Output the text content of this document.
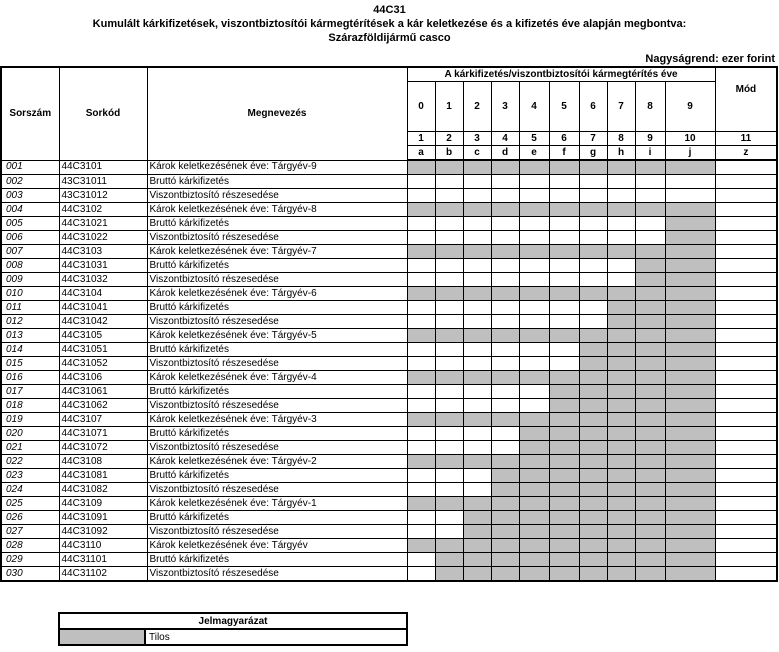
44C31
Kumulált kárkifizetések, viszontbiztosítói kármegtérítések a kár keletkezése és a kifizetés éve alapján megbontva:
Szárazföldijármű casco
Nagyságrend: ezer forint
Sorszám	Sorkód	Megnevezés	A kárkifizetés/viszontbiztosítói kármegtérítés éve										Mód
			0	1	2	3	4	5	6	7	8	9	

			1	2	3	4	5	6	7	8	9	10	11
			a	b	c	d	e	f	g	h	i	j	z
001	44C3101	Károk keletkezésének éve: Tárgyév-9											
002	43C31011	Bruttó kárkifizetés											
003	43C31012	Viszontbiztosító részesedése											
004	44C3102	Károk keletkezésének éve: Tárgyév-8											
005	44C31021	Bruttó kárkifizetés											
006	44C31022	Viszontbiztosító részesedése											
007	44C3103	Károk keletkezésének éve: Tárgyév-7											
008	44C31031	Bruttó kárkifizetés											
009	44C31032	Viszontbiztosító részesedése											
010	44C3104	Károk keletkezésének éve: Tárgyév-6											
011	44C31041	Bruttó kárkifizetés											
012	44C31042	Viszontbiztosító részesedése											
013	44C3105	Károk keletkezésének éve: Tárgyév-5											
014	44C31051	Bruttó kárkifizetés											
015	44C31052	Viszontbiztosító részesedése											
016	44C3106	Károk keletkezésének éve: Tárgyév-4											
017	44C31061	Bruttó kárkifizetés											
018	44C31062	Viszontbiztosító részesedése											
019	44C3107	Károk keletkezésének éve: Tárgyév-3											
020	44C31071	Bruttó kárkifizetés											
021	44C31072	Viszontbiztosító részesedése											
022	44C3108	Károk keletkezésének éve: Tárgyév-2											
023	44C31081	Bruttó kárkifizetés											
024	44C31082	Viszontbiztosító részesedése											
025	44C3109	Károk keletkezésének éve: Tárgyév-1											
026	44C31091	Bruttó kárkifizetés											
027	44C31092	Viszontbiztosító részesedése											
028	44C3110	Károk keletkezésének éve: Tárgyév											
029	44C31101	Bruttó kárkifizetés											
030	44C31102	Viszontbiztosító részesedése											
Jelmagyarázat
	Tilos
